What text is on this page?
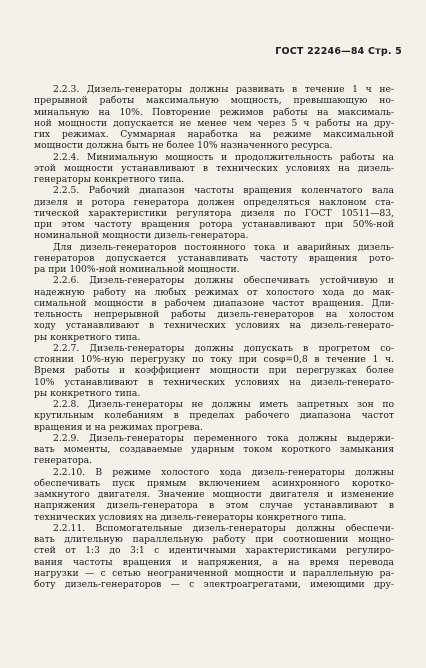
ГОСТ 22246—84 Стр. 5
2.2.3. Дизель-генераторы должны развивать в течение 1 ч не-
прерывной работы максимальную мощность, превышающую но-
минальную на 10%. Повторение режимов работы на максималь-
ной мощности допускается не менее чем через 5 ч работы на дру-
гих режимах. Суммарная наработка на режиме максимальной
мощности должна быть не более 10% назначенного ресурса.
2.2.4. Минимальную мощность и продолжительность работы на
этой мощности устанавливают в технических условиях на дизель-
генераторы конкретного типа.
2.2.5. Рабочий диапазон частоты вращения коленчатого вала
дизеля и ротора генератора должен определяться наклоном ста-
тической характеристики регулятора дизеля по ГОСТ 10511—83,
при этом частоту вращения ротора устанавливают при 50%-ной
номинальной мощности дизель-генератора.
Для дизель-генераторов постоянного тока и аварийных дизель-
генераторов допускается устанавливать частоту вращения рото-
ра при 100%-ной номинальной мощности.
2.2.6. Дизель-генераторы должны обеспечивать устойчивую и
надежную работу на любых режимах от холостого хода до мак-
симальной мощности в рабочем диапазоне частот вращения. Дли-
тельность непрерывной работы дизель-генераторов на холостом
ходу устанавливают в технических условиях на дизель-генерато-
ры конкретного типа.
2.2.7. Дизель-генераторы должны допускать в прогретом со-
стоянии 10%-ную перегрузку по току при cosφ=0,8 в течение 1 ч.
Время работы и коэффициент мощности при перегрузках более
10% устанавливают в технических условиях на дизель-генерато-
ры конкретного типа.
2.2.8. Дизель-генераторы не должны иметь запретных зон по
крутильным колебаниям в пределах рабочего диапазона частот
вращения и на режимах прогрева.
2.2.9. Дизель-генераторы переменного тока должны выдержи-
вать моменты, создаваемые ударным током короткого замыкания
генератора.
2.2.10. В режиме холостого хода дизель-генераторы должны
обеспечивать пуск прямым включением асинхронного коротко-
замкнутого двигателя. Значение мощности двигателя и изменение
напряжения дизель-генератора в этом случае устанавливают в
технических условиях на дизель-генераторы конкретного типа.
2.2.11. Вспомогательные дизель-генераторы должны обеспечи-
вать длительную параллельную работу при соотношении мощно-
стей от 1:3 до 3:1 с идентичными характеристиками регулиро-
вания частоты вращения и напряжения, а на время перевода
нагрузки — с сетью неограниченной мощности и параллельную ра-
боту дизель-генераторов — с электроагрегатами, имеющими дру-
